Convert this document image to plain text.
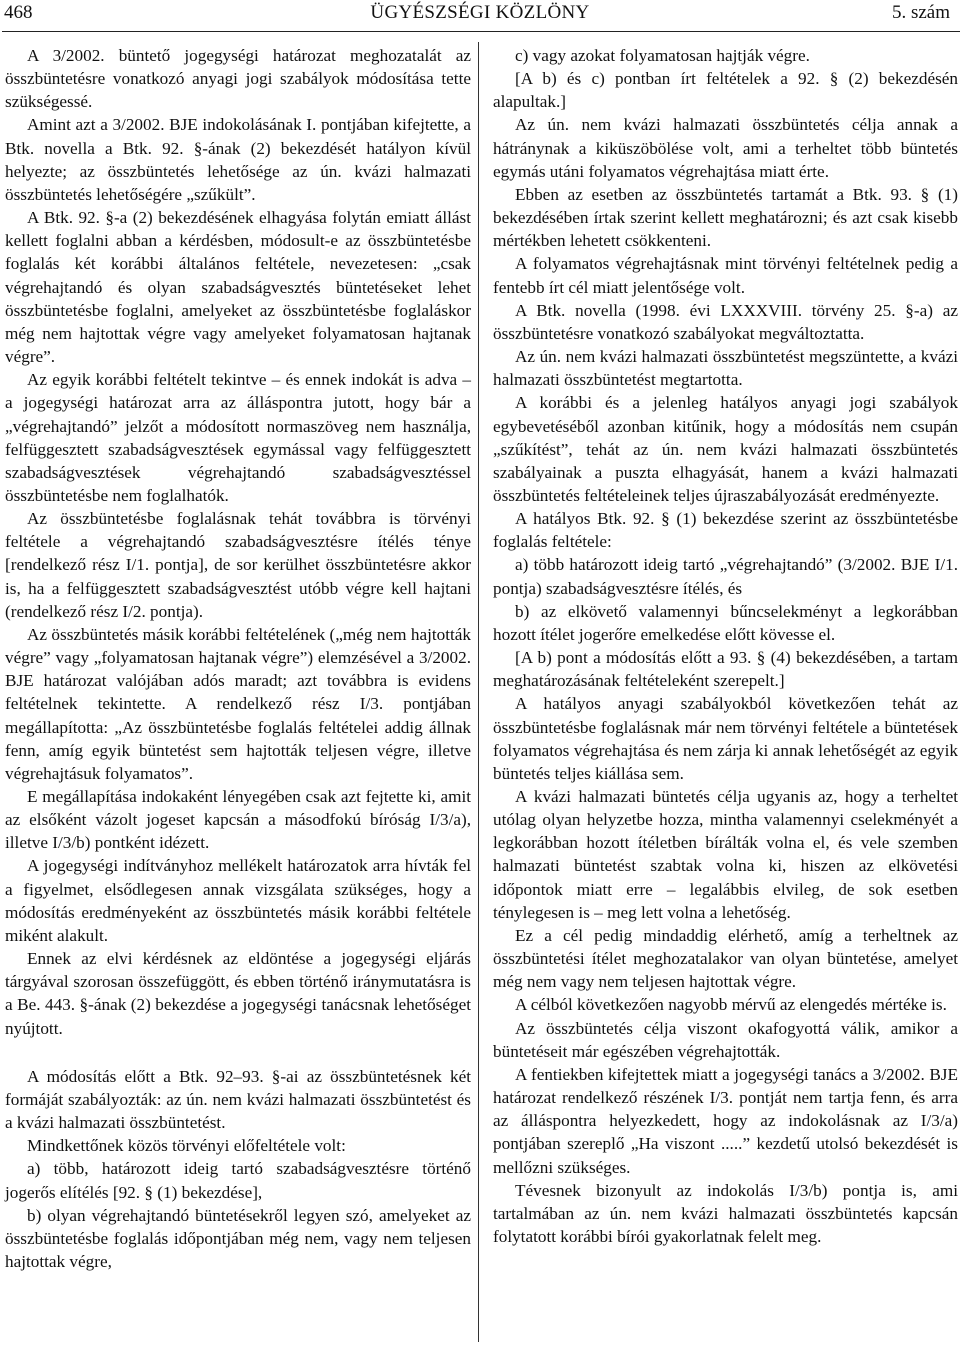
468	ÜGYÉSZSÉGI KÖZLÖNY	5. szám

A 3/2002. büntető jogegységi határozat meghozatalát az összbüntetésre vonatkozó anyagi jogi szabályok módosítása tette szükségessé.

Amint azt a 3/2002. BJE indokolásának I. pontjában kifejtette, a Btk. novella a Btk. 92. §-ának (2) bekezdését hatályon kívül helyezte; az összbüntetés lehetősége az ún. kvázi halmazati összbüntetés lehetőségére „szűkült”.

A Btk. 92. §-a (2) bekezdésének elhagyása folytán emiatt állást kellett foglalni abban a kérdésben, módosult-e az összbüntetésbe foglalás két korábbi általános feltétele, nevezetesen: „csak végrehajtandó és olyan szabadságvesztés büntetéseket lehet összbüntetésbe foglalni, amelyeket az összbüntetésbe foglaláskor még nem hajtottak végre vagy amelyeket folyamatosan hajtanak végre”.

Az egyik korábbi feltételt tekintve – és ennek indokát is adva – a jogegységi határozat arra az álláspontra jutott, hogy bár a „végrehajtandó” jelzőt a módosított normaszöveg nem használja, felfüggesztett szabadságvesztések egymással vagy felfüggesztett szabadságvesztések végrehajtandó szabadságvesztéssel összbüntetésbe nem foglalhatók.

Az összbüntetésbe foglalásnak tehát továbbra is törvényi feltétele a végrehajtandó szabadságvesztésre ítélés ténye [rendelkező rész I/1. pontja], de sor kerülhet összbüntetésre akkor is, ha a felfüggesztett szabadságvesztést utóbb végre kell hajtani (rendelkező rész I/2. pontja).

Az összbüntetés másik korábbi feltételének („még nem hajtották végre” vagy „folyamatosan hajtanak végre”) elemzésével a 3/2002. BJE határozat valójában adós maradt; azt továbbra is evidens feltételnek tekintette. A rendelkező rész I/3. pontjában megállapította: „Az összbüntetésbe foglalás feltételei addig állnak fenn, amíg egyik büntetést sem hajtották teljesen végre, illetve végrehajtásuk folyamatos”.

E megállapítása indokaként lényegében csak azt fejtette ki, amit az elsőként vázolt jogeset kapcsán a másodfokú bíróság I/3/a), illetve I/3/b) pontként idézett.

A jogegységi indítványhoz mellékelt határozatok arra hívták fel a figyelmet, elsődlegesen annak vizsgálata szükséges, hogy a módosítás eredményeként az összbüntetés másik korábbi feltétele miként alakult.

Ennek az elvi kérdésnek az eldöntése a jogegységi eljárás tárgyával szorosan összefüggött, és ebben történő iránymutatásra is a Be. 443. §-ának (2) bekezdése a jogegységi tanácsnak lehetőséget nyújtott.

A módosítás előtt a Btk. 92–93. §-ai az összbüntetésnek két formáját szabályozták: az ún. nem kvázi halmazati összbüntetést és a kvázi halmazati összbüntetést.

Mindkettőnek közös törvényi előfeltétele volt:

a) több, határozott ideig tartó szabadságvesztésre történő jogerős elítélés [92. § (1) bekezdése],

b) olyan végrehajtandó büntetésekről legyen szó, amelyeket az összbüntetésbe foglalás időpontjában még nem, vagy nem teljesen hajtottak végre,

c) vagy azokat folyamatosan hajtják végre.

[A b) és c) pontban írt feltételek a 92. § (2) bekezdésén alapultak.]

Az ún. nem kvázi halmazati összbüntetés célja annak a hátránynak a kiküszöbölése volt, ami a terheltet több büntetés egymás utáni folyamatos végrehajtása miatt érte.

Ebben az esetben az összbüntetés tartamát a Btk. 93. § (1) bekezdésében írtak szerint kellett meghatározni; és azt csak kisebb mértékben lehetett csökkenteni.

A folyamatos végrehajtásnak mint törvényi feltételnek pedig a fentebb írt cél miatt jelentősége volt.

A Btk. novella (1998. évi LXXXVIII. törvény 25. §-a) az összbüntetésre vonatkozó szabályokat megváltoztatta.

Az ún. nem kvázi halmazati összbüntetést megszüntette, a kvázi halmazati összbüntetést megtartotta.

A korábbi és a jelenleg hatályos anyagi jogi szabályok egybevetéséből azonban kitűnik, hogy a módosítás nem csupán „szűkítést”, tehát az ún. nem kvázi halmazati összbüntetés szabályainak a puszta elhagyását, hanem a kvázi halmazati összbüntetés feltételeinek teljes újraszabályozását eredményezte.

A hatályos Btk. 92. § (1) bekezdése szerint az összbüntetésbe foglalás feltétele:

a) több határozott ideig tartó „végrehajtandó” (3/2002. BJE I/1. pontja) szabadságvesztésre ítélés, és

b) az elkövető valamennyi bűncselekményt a legkorábban hozott ítélet jogerőre emelkedése előtt kövesse el.

[A b) pont a módosítás előtt a 93. § (4) bekezdésében, a tartam meghatározásának feltételeként szerepelt.]

A hatályos anyagi szabályokból következően tehát az összbüntetésbe foglalásnak már nem törvényi feltétele a büntetések folyamatos végrehajtása és nem zárja ki annak lehetőségét az egyik büntetés teljes kiállása sem.

A kvázi halmazati büntetés célja ugyanis az, hogy a terheltet utólag olyan helyzetbe hozza, mintha valamennyi cselekményét a legkorábban hozott ítéletben bírálták volna el, és vele szemben halmazati büntetést szabtak volna ki, hiszen az elkövetési időpontok miatt erre – legalábbis elvileg, de sok esetben ténylegesen is – meg lett volna a lehetőség.

Ez a cél pedig mindaddig elérhető, amíg a terheltnek az összbüntetési ítélet meghozatalakor van olyan büntetése, amelyet még nem vagy nem teljesen hajtottak végre.

A célból következően nagyobb mérvű az elengedés mértéke is.

Az összbüntetés célja viszont okafogyottá válik, amikor a büntetéseit már egészében végrehajtották.

A fentiekben kifejtettek miatt a jogegységi tanács a 3/2002. BJE határozat rendelkező részének I/3. pontját nem tartja fenn, és arra az álláspontra helyezkedett, hogy az indokolásnak az I/3/a) pontjában szereplő „Ha viszont .....” kezdetű utolsó bekezdését is mellőzni szükséges.

Tévesnek bizonyult az indokolás I/3/b) pontja is, ami tartalmában az ún. nem kvázi halmazati összbüntetés kapcsán folytatott korábbi bírói gyakorlatnak felelt meg.
